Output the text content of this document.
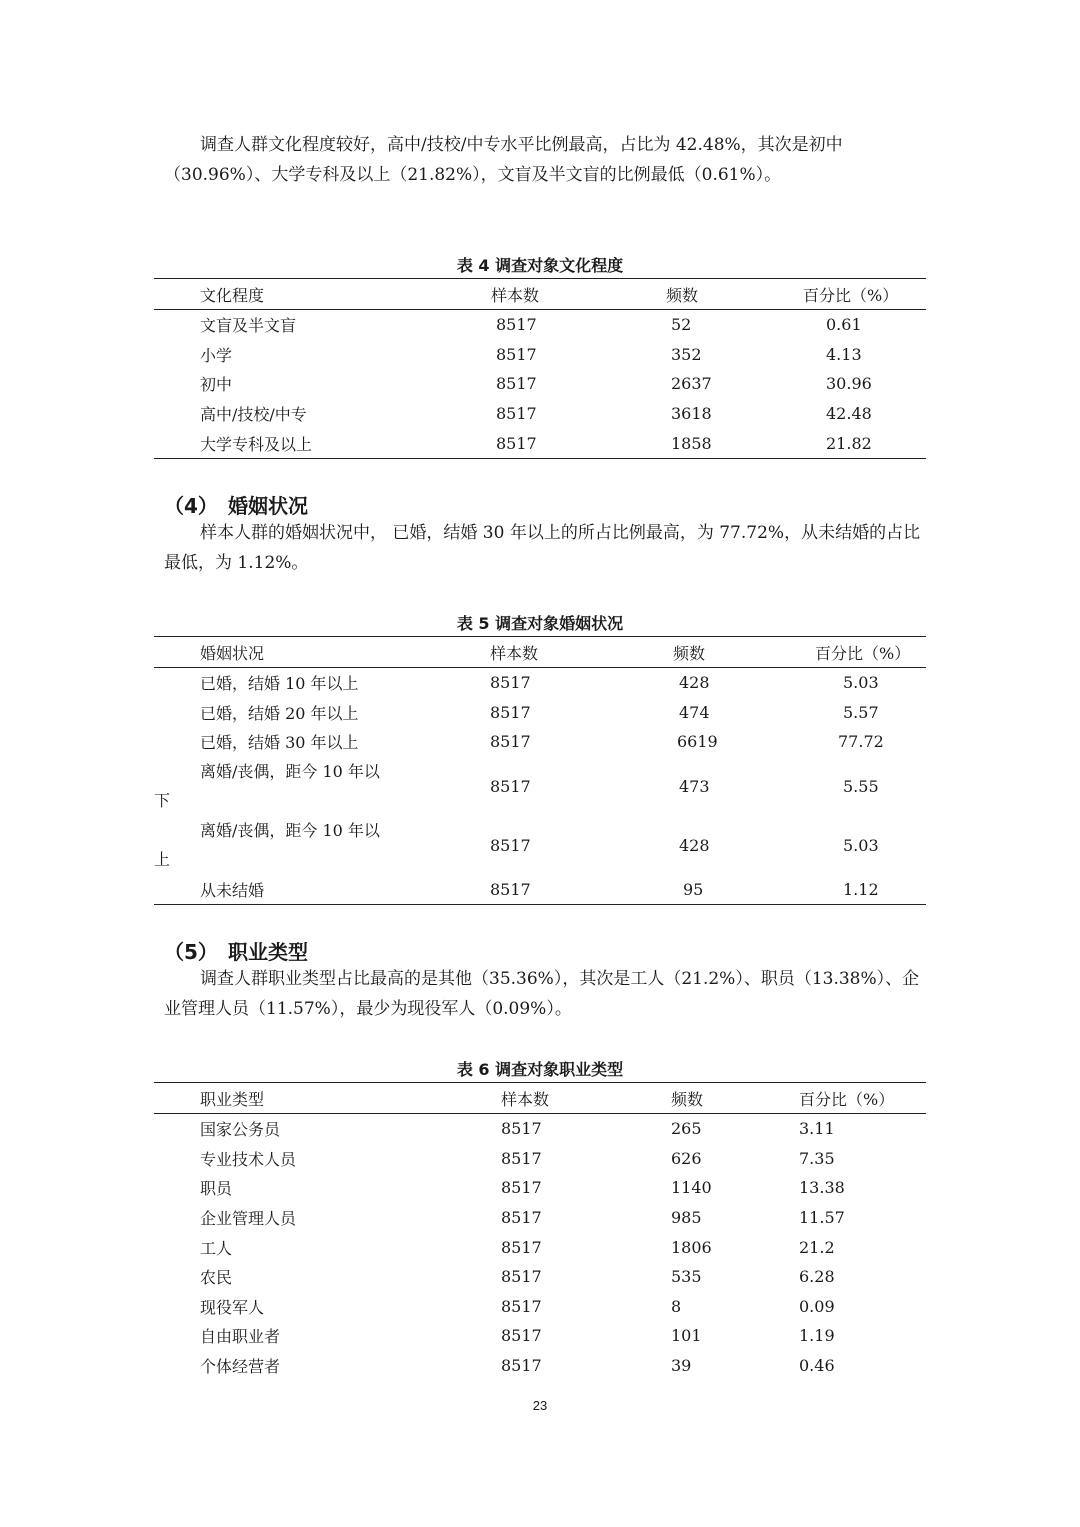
调查人群文化程度较好，高中/技校/中专水平比例最高，占比为 42.48%，其次是初中（30.96%）、大学专科及以上（21.82%），文盲及半文盲的比例最低（0.61%）。

表 4 调查对象文化程度

文化程度	样本数	频数	百分比（%）
文盲及半文盲	8517	52	0.61
小学	8517	352	4.13
初中	8517	2637	30.96
高中/技校/中专	8517	3618	42.48
大学专科及以上	8517	1858	21.82

（4） 婚姻状况

样本人群的婚姻状况中， 已婚，结婚 30 年以上的所占比例最高，为 77.72%，从未结婚的占比最低，为 1.12%。

表 5 调查对象婚姻状况

婚姻状况	样本数	频数	百分比（%）
已婚，结婚 10 年以上	8517	428	5.03
已婚，结婚 20 年以上	8517	474	5.57
已婚，结婚 30 年以上	8517	6619	77.72
离婚/丧偶，距今 10 年以
下	8517	473	5.55
离婚/丧偶，距今 10 年以
上	8517	428	5.03
从未结婚	8517	95	1.12

（5） 职业类型

调查人群职业类型占比最高的是其他（35.36%），其次是工人（21.2%）、职员（13.38%）、企业管理人员（11.57%），最少为现役军人（0.09%）。

表 6 调查对象职业类型

职业类型	样本数	频数	百分比（%）
国家公务员	8517	265	3.11
专业技术人员	8517	626	7.35
职员	8517	1140	13.38
企业管理人员	8517	985	11.57
工人	8517	1806	21.2
农民	8517	535	6.28
现役军人	8517	8	0.09
自由职业者	8517	101	1.19
个体经营者	8517	39	0.46
23
